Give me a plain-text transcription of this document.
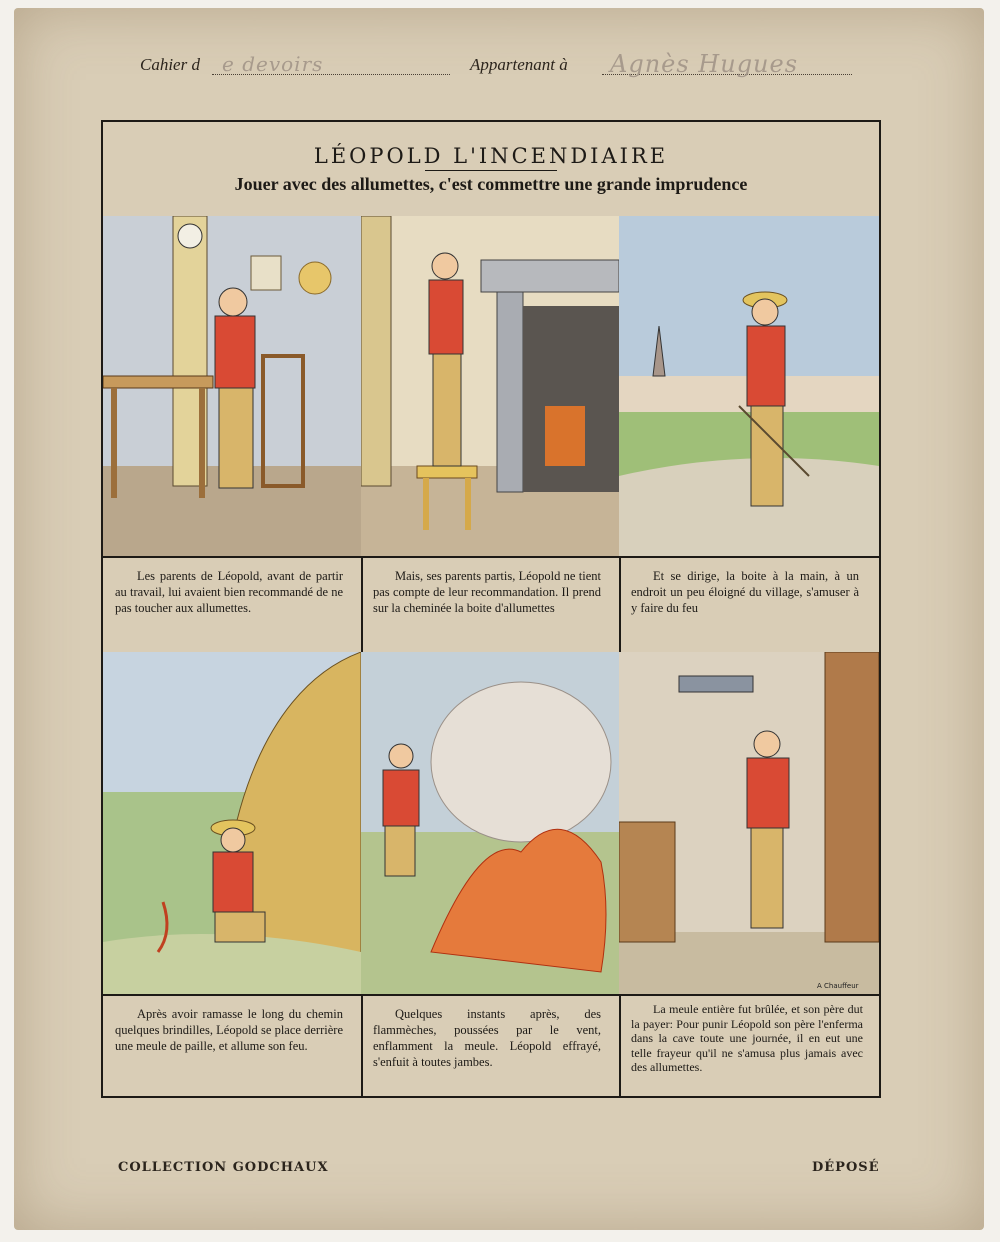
Cahier d e devoirs	Appartenant à Agnès Hugues
LÉOPOLD L'INCENDIAIRE
Jouer avec des allumettes, c'est commettre une grande imprudence
Les parents de Léopold, avant de partir au travail, lui avaient bien recommandé de ne pas toucher aux allumettes.
Mais, ses parents partis, Léopold ne tient pas compte de leur recommandation. Il prend sur la cheminée la boite d'allumettes
Et se dirige, la boite à la main, à un endroit un peu éloigné du village, s'amuser à y faire du feu
A Chauffeur
Après avoir ramasse le long du chemin quelques brindilles, Léopold se place derrière une meule de paille, et allume son feu.
Quelques instants après, des flammèches, poussées par le vent, enflamment la meule. Léopold effrayé, s'enfuit à toutes jambes.
La meule entière fut brûlée, et son père dut la payer: Pour punir Léopold son père l'enferma dans la cave toute une journée, il en eut une telle frayeur qu'il ne s'amusa plus jamais avec des allumettes.
COLLECTION GODCHAUX	DÉPOSÉ
